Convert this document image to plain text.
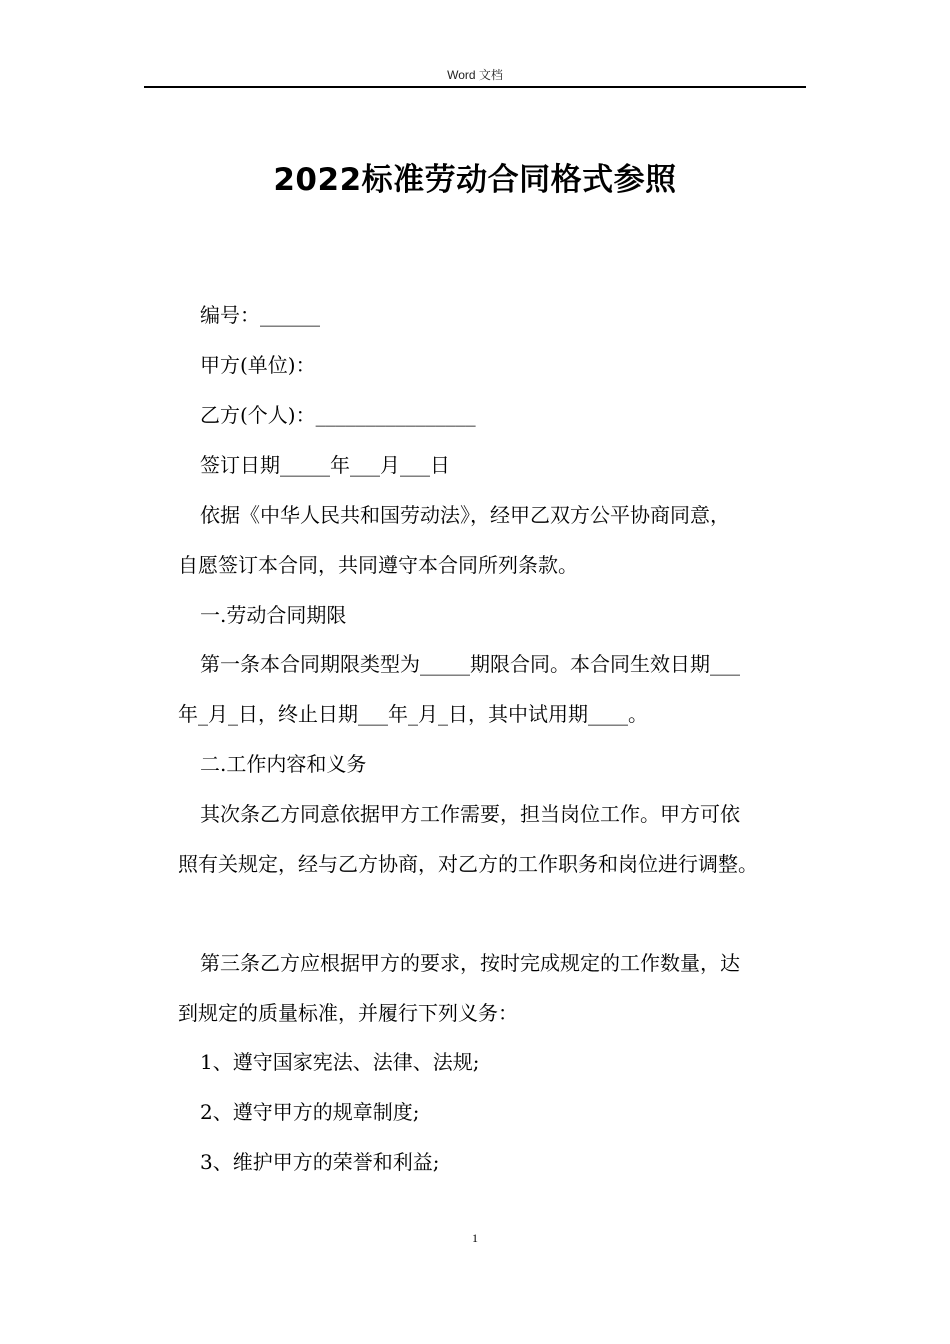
Word 文档
2022标准劳动合同格式参照
编号：______
甲方(单位)：
乙方(个人)：________________
签订日期_____年___月___日
依据《中华人民共和国劳动法》，经甲乙双方公平协商同意，
自愿签订本合同，共同遵守本合同所列条款。
一.劳动合同期限
第一条本合同期限类型为_____期限合同。本合同生效日期___
年_月_日，终止日期___年_月_日，其中试用期____。
二.工作内容和义务
其次条乙方同意依据甲方工作需要，担当岗位工作。甲方可依
照有关规定，经与乙方协商，对乙方的工作职务和岗位进行调整。
第三条乙方应根据甲方的要求，按时完成规定的工作数量，达
到规定的质量标准，并履行下列义务：
1、遵守国家宪法、法律、法规;
2、遵守甲方的规章制度;
3、维护甲方的荣誉和利益;
1
